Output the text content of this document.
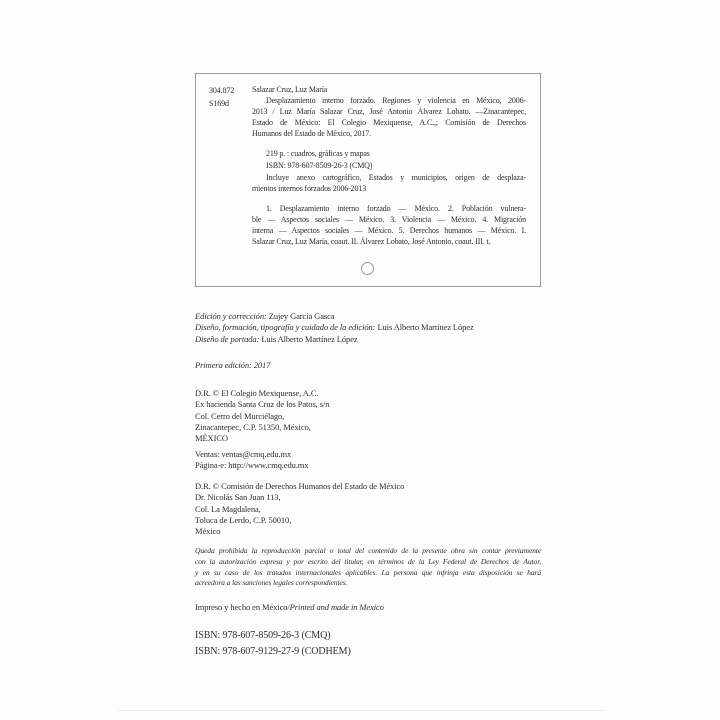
304.872
S169d
Salazar Cruz, Luz María
Desplazamiento interno forzado. Regiones y violencia en México, 2006-
2013 / Luz María Salazar Cruz, José Antonio Álvarez Lobato. —Zinacantepec,
Estado de México: El Colegio Mexiquense, A.C.,; Comisión de Derechos
Humanos del Estado de México, 2017.
219 p. : cuadros, gráficas y mapas
ISBN: 978-607-8509-26-3 (CMQ)
Incluye anexo cartográfico, Estados y municipios, origen de desplaza-
mientos internos forzados 2006-2013
1. Desplazamiento interno forzado — México. 2. Población vulnera-
ble — Aspectos sociales — México. 3. Violencia — México. 4. Migración
interna — Aspectos sociales — México. 5. Derechos humanos — México. I.
Salazar Cruz, Luz María, coaut. II. Álvarez Lobato, José Antonio, coaut. III. t.
Edición y corrección: Zujey García Gasca
Diseño, formación, tipografía y cuidado de la edición: Luis Alberto Martínez López
Diseño de portada: Luis Alberto Martínez López
Primera edición: 2017
D.R. © El Colegio Mexiquense, A.C.
Ex hacienda Santa Cruz de los Patos, s/n
Col. Cerro del Murciélago,
Zinacantepec, C.P. 51350, México,
MÉXICO
Ventas: ventas@cmq.edu.mx
Página-e: http://www.cmq.edu.mx
D.R. © Comisión de Derechos Humanos del Estado de México
Dr. Nicolás San Juan 113,
Col. La Magdalena,
Toluca de Lerdo, C.P. 50010,
México
Queda prohibida la reproducción parcial o total del contenido de la presente obra sin contar previamente
con la autorización expresa y por escrito del titular, en términos de la Ley Federal de Derechos de Autor,
y en su caso de los tratados internacionales aplicables. La persona que infrinja esta disposición se hará
acreedora a las sanciones legales correspondientes.
Impreso y hecho en México/Printed and made in Mexico
ISBN: 978-607-8509-26-3 (CMQ)
ISBN: 978-607-9129-27-9 (CODHEM)
